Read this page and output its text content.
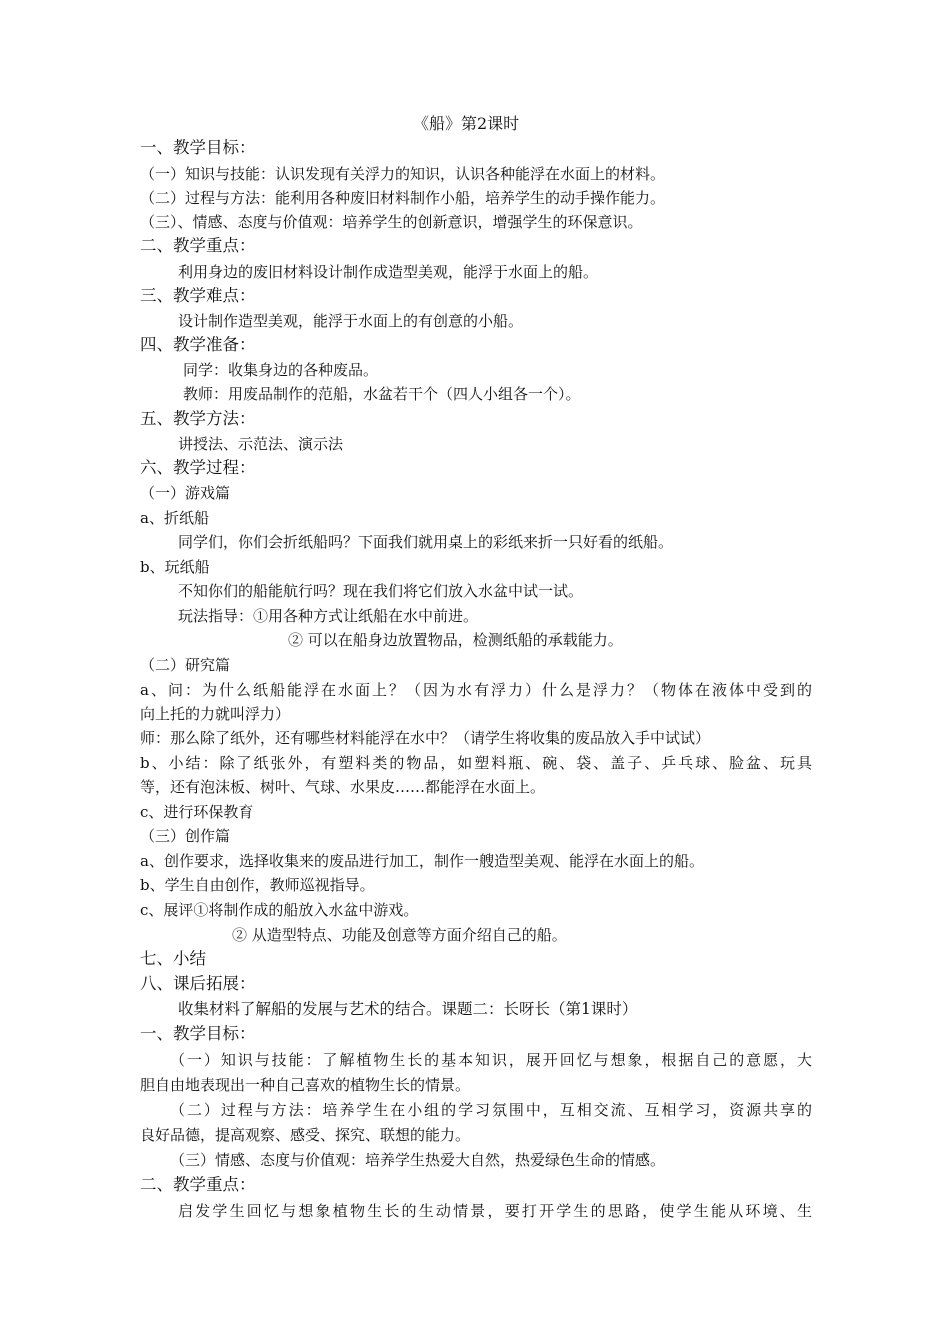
《船》第2课时
一、教学目标：
（一）知识与技能：认识发现有关浮力的知识，认识各种能浮在水面上的材料。
（二）过程与方法：能利用各种废旧材料制作小船，培养学生的动手操作能力。
（三）、情感、态度与价值观：培养学生的创新意识，增强学生的环保意识。
二、教学重点：
利用身边的废旧材料设计制作成造型美观，能浮于水面上的船。
三、教学难点：
设计制作造型美观，能浮于水面上的有创意的小船。
四、教学准备：
同学：收集身边的各种废品。
教师：用废品制作的范船，水盆若干个（四人小组各一个）。
五、教学方法：
讲授法、示范法、演示法
六、教学过程：
（一）游戏篇
a、折纸船
同学们，你们会折纸船吗？下面我们就用桌上的彩纸来折一只好看的纸船。
b、玩纸船
不知你们的船能航行吗？现在我们将它们放入水盆中试一试。
玩法指导：①用各种方式让纸船在水中前进。
② 可以在船身边放置物品，检测纸船的承载能力。
（二）研究篇
a、问：为什么纸船能浮在水面上？（因为水有浮力）什么是浮力？（物体在液体中受到的
向上托的力就叫浮力）
师：那么除了纸外，还有哪些材料能浮在水中？（请学生将收集的废品放入手中试试）
b、小结：除了纸张外，有塑料类的物品，如塑料瓶、碗、袋、盖子、乒乓球、脸盆、玩具
等，还有泡沫板、树叶、气球、水果皮……都能浮在水面上。
c、进行环保教育
（三）创作篇
a、创作要求，选择收集来的废品进行加工，制作一艘造型美观、能浮在水面上的船。
b、学生自由创作，教师巡视指导。
c、展评①将制作成的船放入水盆中游戏。
② 从造型特点、功能及创意等方面介绍自己的船。
七、小结
八、课后拓展：
收集材料了解船的发展与艺术的结合。课题二：长呀长（第1课时）
一、教学目标：
（一）知识与技能：了解植物生长的基本知识，展开回忆与想象，根据自己的意愿，大
胆自由地表现出一种自己喜欢的植物生长的情景。
（二）过程与方法：培养学生在小组的学习氛围中，互相交流、互相学习，资源共享的
良好品德，提高观察、感受、探究、联想的能力。
（三）情感、态度与价值观：培养学生热爱大自然，热爱绿色生命的情感。
二、教学重点：
启发学生回忆与想象植物生长的生动情景，要打开学生的思路，使学生能从环境、生
